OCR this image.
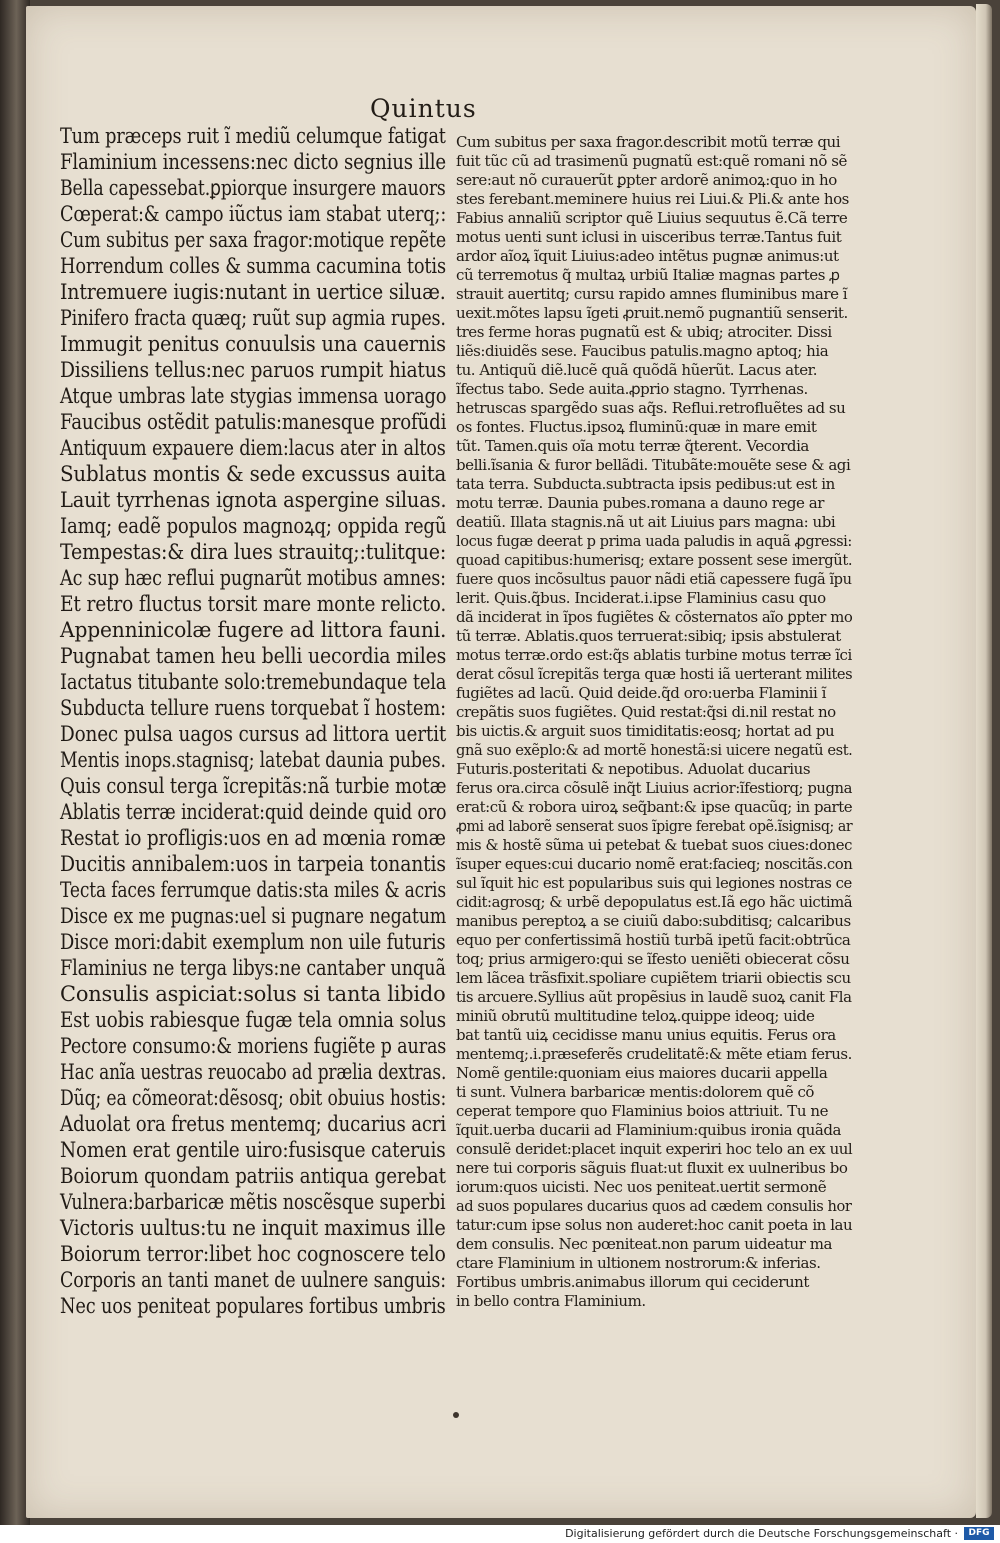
Quintus
Tum præceps ruit ĩ mediũ celumque fatigat
Flaminium incessens:nec dicto segnius ille
Bella capessebat.ꝑpiorque insurgere mauors
Cœperat:& campo iũctus iam stabat uterq;:
Cum subitus per saxa fragor:motique repẽte
Horrendum colles & summa cacumina totis
Intremuere iugis:nutant in uertice siluæ.
Pinifero fracta quæq; ruũt sup agmia rupes.
Immugit penitus conuulsis una cauernis
Dissiliens tellus:nec paruos rumpit hiatus
Atque umbras late stygias immensa uorago
Faucibus ostẽdit patulis:manesque profũdi
Antiquum expauere diem:lacus ater in altos
Sublatus montis & sede excussus auita
Lauit tyrrhenas ignota aspergine siluas.
Iamq; eadẽ populos magnoꝝq; oppida regũ
Tempestas:& dira lues strauitq;:tulitque:
Ac sup hæc reflui pugnarũt motibus amnes:
Et retro fluctus torsit mare monte relicto.
Appenninicolæ fugere ad littora fauni.
Pugnabat tamen heu belli uecordia miles
Iactatus titubante solo:tremebundaque tela
Subducta tellure ruens torquebat ĩ hostem:
Donec pulsa uagos cursus ad littora uertit
Mentis inops.stagnisq; latebat daunia pubes.
Quis consul terga ĩcrepitãs:nã turbie motæ
Ablatis terræ inciderat:quid deinde quid oro
Restat io profligis:uos en ad mœnia romæ
Ducitis annibalem:uos in tarpeia tonantis
Tecta faces ferrumque datis:sta miles & acris
Disce ex me pugnas:uel si pugnare negatum
Disce mori:dabit exemplum non uile futuris
Flaminius ne terga libys:ne cantaber unquã
Consulis aspiciat:solus si tanta libido
Est uobis rabiesque fugæ tela omnia solus
Pectore consumo:& moriens fugiẽte p auras
Hac anĩa uestras reuocabo ad prælia dextras.
Dũq; ea cõmeorat:dẽsosq; obit obuius hostis:
Aduolat ora fretus mentemq; ducarius acri
Nomen erat gentile uiro:fusisque cateruis
Boiorum quondam patriis antiqua gerebat
Vulnera:barbaricæ mẽtis noscẽsque superbi
Victoris uultus:tu ne inquit maximus ille
Boiorum terror:libet hoc cognoscere telo
Corporis an tanti manet de uulnere sanguis:
Nec uos peniteat populares fortibus umbris
Cum subitus per saxa fragor.describit motũ terræ qui
fuit tũc cũ ad trasimenũ pugnatũ est:quẽ romani nõ sẽ
sere:aut nõ curauerũt ꝑpter ardorẽ animoꝝ:quo in ho
stes ferebant.meminere huius rei Liui.& Pli.& ante hos
Fabius annaliũ scriptor quẽ Liuius sequutus ẽ.Cã terre
motus uenti sunt iclusi in uisceribus terræ.Tantus fuit
ardor aĩoꝝ ĩquit Liuius:adeo intẽtus pugnæ animus:ut
cũ terremotus q̃ multaꝝ urbiũ Italiæ magnas partes ꝓ
strauit auertitq; cursu rapido amnes fluminibus mare ĩ
uexit.mõtes lapsu ĩgeti ꝓruit.nemõ pugnantiũ senserit.
tres ferme horas pugnatũ est & ubiq; atrociter. Dissi
liẽs:diuidẽs sese. Faucibus patulis.magno aptoq; hia
tu. Antiquũ diẽ.lucẽ quã quõdã hũerũt. Lacus ater.
ĩfectus tabo. Sede auita.ꝓprio stagno. Tyrrhenas.
hetruscas spargẽdo suas aq̃s. Reflui.retrofluẽtes ad su
os fontes. Fluctus.ipsoꝝ fluminũ:quæ in mare emit
tũt. Tamen.quis oĩa motu terræ q̃terent. Vecordia
belli.ĩsania & furor bellãdi. Titubãte:mouẽte sese & agi
tata terra. Subducta.subtracta ipsis pedibus:ut est in
motu terræ. Daunia pubes.romana a dauno rege ar
deatiũ. Illata stagnis.nã ut ait Liuius pars magna: ubi
locus fugæ deerat p prima uada paludis in aquã ꝓgressi:
quoad capitibus:humerisq; extare possent sese imergũt.
fuere quos incõsultus pauor nãdi etiã capessere fugã ĩpu
lerit. Quis.q̃bus. Inciderat.i.ipse Flaminius casu quo
dã inciderat in ĩpos fugiẽtes & cõsternatos aĩo ꝑpter mo
tũ terræ. Ablatis.quos terruerat:sibiq; ipsis abstulerat
motus terræ.ordo est:q̃s ablatis turbine motus terræ ĩci
derat cõsul ĩcrepitãs terga quæ hosti iã uerterant milites
fugiẽtes ad lacũ. Quid deide.q̃d oro:uerba Flaminii ĩ
crepãtis suos fugiẽtes. Quid restat:q̃si di.nil restat no
bis uictis.& arguit suos timiditatis:eosq; hortat ad pu
gnã suo exẽplo:& ad mortẽ honestã:si uicere negatũ est.
Futuris.posteritati & nepotibus. Aduolat ducarius
ferus ora.circa cõsulẽ inq̃t Liuius acrior:ĩfestiorq; pugna
erat:cũ & robora uiroꝝ seq̃bant:& ipse quacũq; in parte
ꝓmi ad laborẽ senserat suos ĩpigre ferebat opẽ.ĩsignisq; ar
mis & hostẽ sũma ui petebat & tuebat suos ciues:donec
ĩsuper eques:cui ducario nomẽ erat:facieq; noscitãs.con
sul ĩquit hic est popularibus suis qui legiones nostras ce
cidit:agrosq; & urbẽ depopulatus est.Iã ego hãc uictimã
manibus pereptoꝝ a se ciuiũ dabo:subditisq; calcaribus
equo per confertissimã hostiũ turbã ipetũ facit:obtrũca
toq; prius armigero:qui se ĩfesto ueniẽti obiecerat cõsu
lem lãcea trãsfixit.spoliare cupiẽtem triarii obiectis scu
tis arcuere.Syllius aũt propẽsius in laudẽ suoꝝ canit Fla
miniũ obrutũ multitudine teloꝝ.quippe ideoq; uide
bat tantũ uiꝝ cecidisse manu unius equitis. Ferus ora
mentemq;.i.præseferẽs crudelitatẽ:& mẽte etiam ferus.
Nomẽ gentile:quoniam eius maiores ducarii appella
ti sunt. Vulnera barbaricæ mentis:dolorem quẽ cõ
ceperat tempore quo Flaminius boios attriuit. Tu ne
ĩquit.uerba ducarii ad Flaminium:quibus ironia quãda
consulẽ deridet:placet inquit experiri hoc telo an ex uul
nere tui corporis sãguis fluat:ut fluxit ex uulneribus bo
iorum:quos uicisti. Nec uos peniteat.uertit sermonẽ
ad suos populares ducarius quos ad cædem consulis hor
tatur:cum ipse solus non auderet:hoc canit poeta in lau
dem consulis. Nec pœniteat.non parum uideatur ma
ctare Flaminium in ultionem nostrorum:& inferias.
Fortibus umbris.animabus illorum qui ceciderunt
in bello contra Flaminium.
Digitalisierung gefördert durch die Deutsche Forschungsgemeinschaft ·	DFG
